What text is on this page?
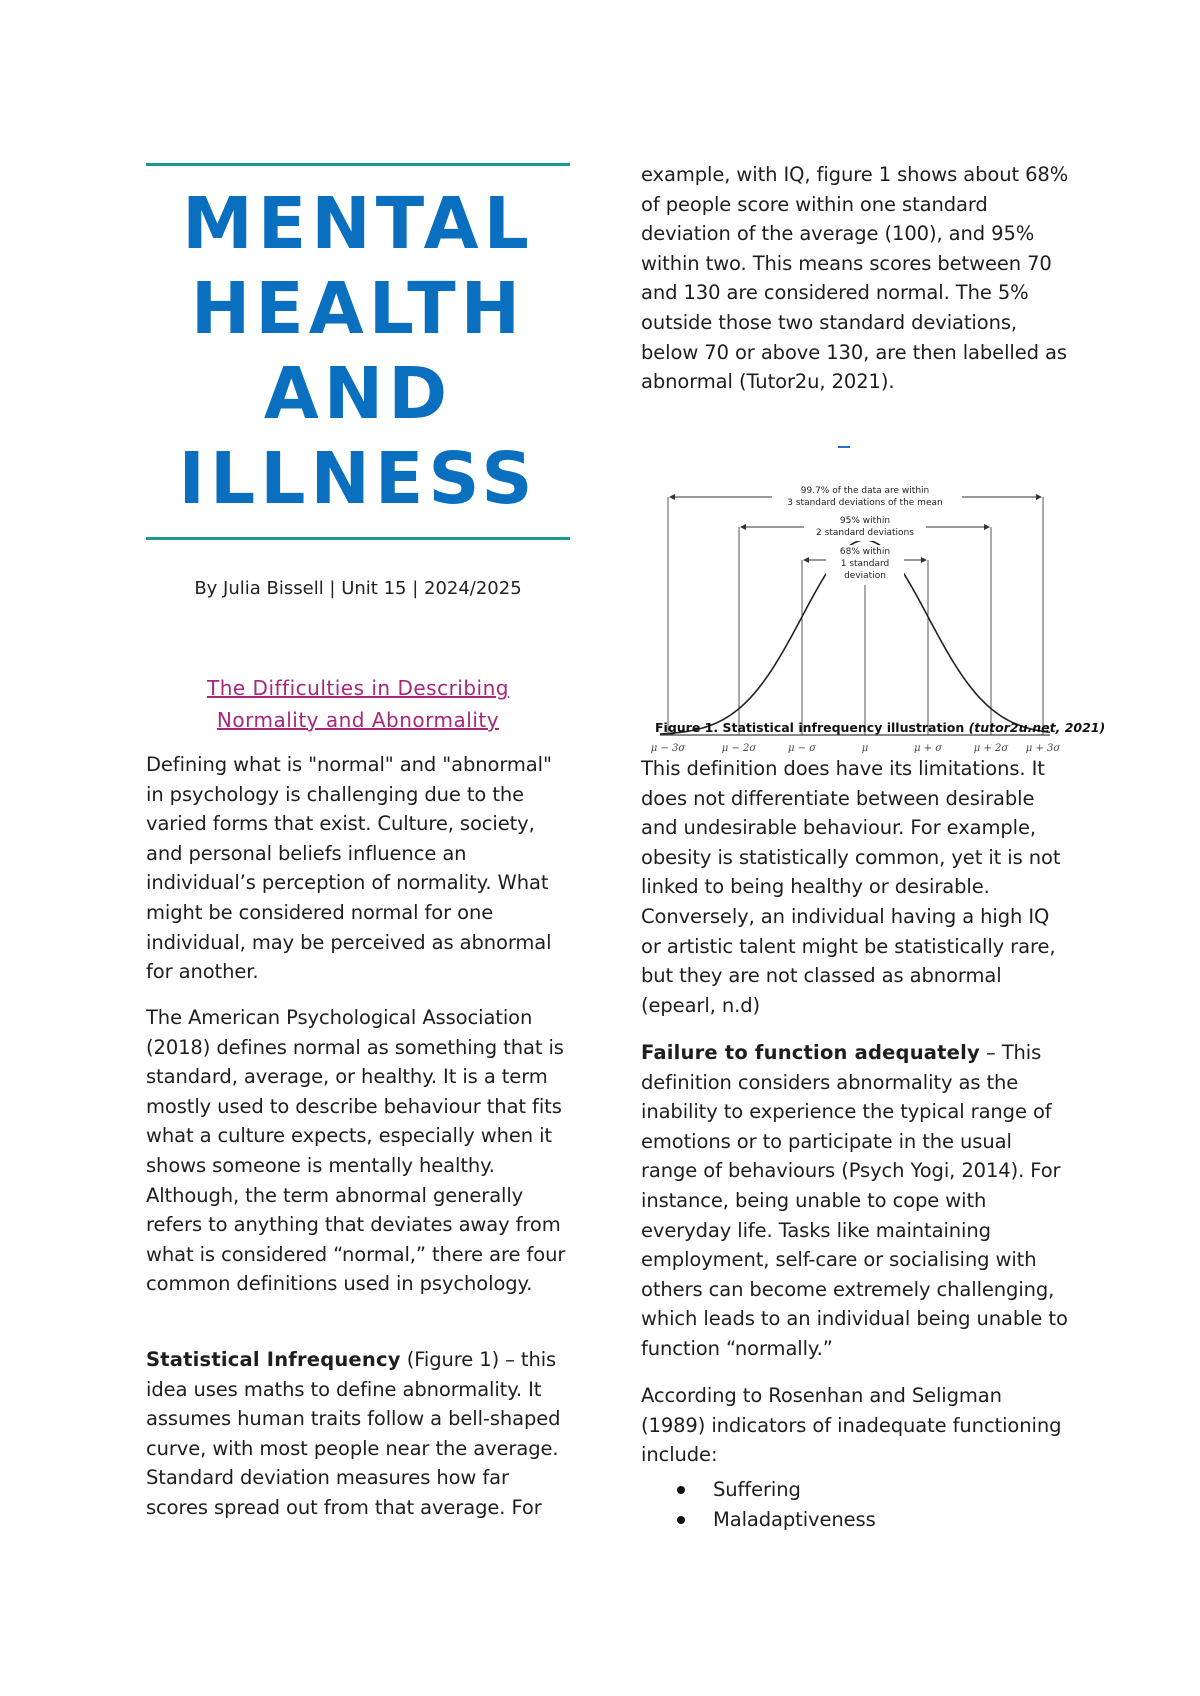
MENTAL
HEALTH
AND
ILLNESS
By Julia Bissell | Unit 15 | 2024/2025
The Difficulties in Describing
Normality and Abnormality

Defining what is "normal" and "abnormal" in psychology is challenging due to the varied forms that exist. Culture, society, and personal beliefs influence an individual’s perception of normality. What might be considered normal for one individual, may be perceived as abnormal for another.

The American Psychological Association (2018) defines normal as something that is standard, average, or healthy. It is a term mostly used to describe behaviour that fits what a culture expects, especially when it shows someone is mentally healthy. Although, the term abnormal generally refers to anything that deviates away from what is considered “normal,” there are four common definitions used in psychology.

Statistical Infrequency (Figure 1) – this idea uses maths to define abnormality. It assumes human traits follow a bell-shaped curve, with most people near the average. Standard deviation measures how far scores spread out from that average. For

example, with IQ, figure 1 shows about 68% of people score within one standard deviation of the average (100), and 95% within two. This means scores between 70 and 130 are considered normal. The 5% outside those two standard deviations, below 70 or above 130, are then labelled as abnormal (Tutor2u, 2021).

This definition does have its limitations. It does not differentiate between desirable and undesirable behaviour. For example, obesity is statistically common, yet it is not linked to being healthy or desirable. Conversely, an individual having a high IQ or artistic talent might be statistically rare, but they are not classed as abnormal (epearl, n.d)

Failure to function adequately – This definition considers abnormality as the inability to experience the typical range of emotions or to participate in the usual range of behaviours (Psych Yogi, 2014). For instance, being unable to cope with everyday life. Tasks like maintaining employment, self-care or socialising with others can become extremely challenging, which leads to an individual being unable to function “normally.”

According to Rosenhan and Seligman (1989) indicators of inadequate functioning include:

Suffering
Maladaptiveness
99.7% of the data are within
3 standard deviations of the mean
95% within
2 standard deviations
68% within
1 standard
deviation
μ − 3σ	μ − 2σ	μ − σ	μ	μ + σ	μ + 2σ μ + 3σ
Figure 1. Statistical infrequency illustration (tutor2u.net, 2021)
